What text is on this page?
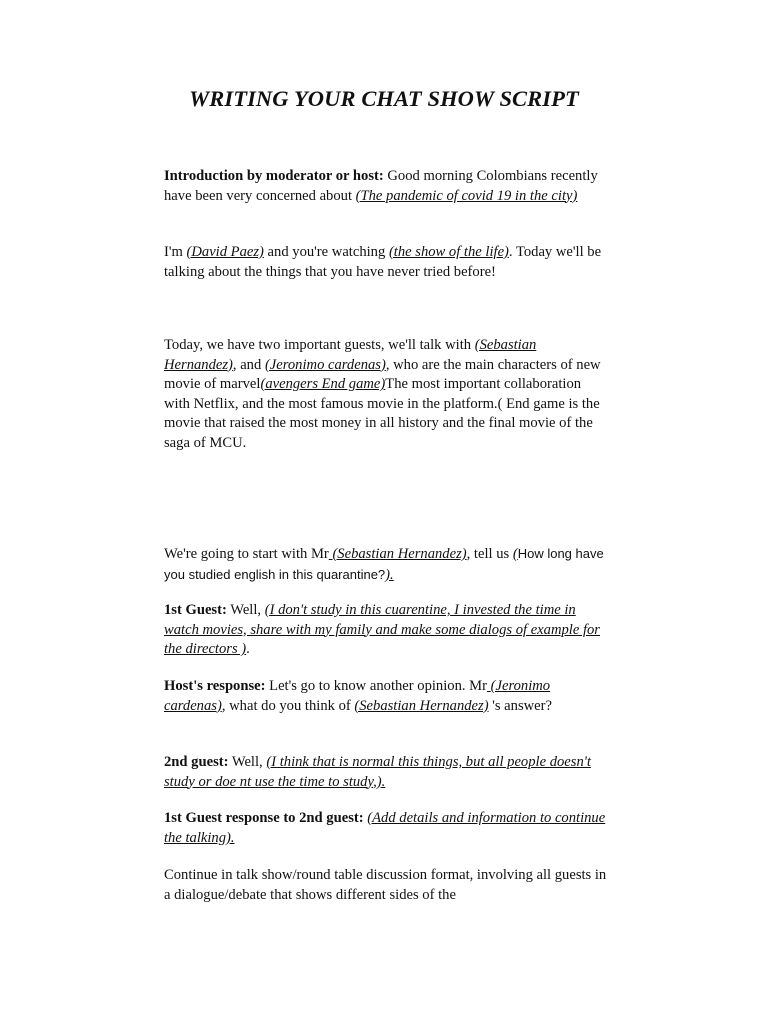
WRITING YOUR CHAT SHOW SCRIPT

Introduction by moderator or host: Good morning Colombians recently have been very concerned about (The pandemic of covid 19 in the city)

I'm (David Paez) and you're watching (the show of the life). Today we'll be talking about the things that you have never tried before!

Today, we have two important guests, we'll talk with (Sebastian Hernandez), and (Jeronimo cardenas), who are the main characters of new movie of marvel(avengers End game)The most important collaboration with Netflix, and the most famous movie in the platform.( End game is the movie that raised the most money in all history and the final movie of the saga of MCU.

We're going to start with Mr (Sebastian Hernandez), tell us (How long have you studied english in this quarantine?).

1st Guest: Well, (I don't study in this cuarentine, I invested the time in watch movies, share with my family and make some dialogs of example for the directors ).

Host's response: Let's go to know another opinion. Mr (Jeronimo cardenas), what do you think of (Sebastian Hernandez) 's answer?

2nd guest: Well, (I think that is normal this things, but all people doesn't study or doe nt use the time to study,).

1st Guest response to 2nd guest: (Add details and information to continue the talking).

Continue in talk show/round table discussion format, involving all guests in a dialogue/debate that shows different sides of the
